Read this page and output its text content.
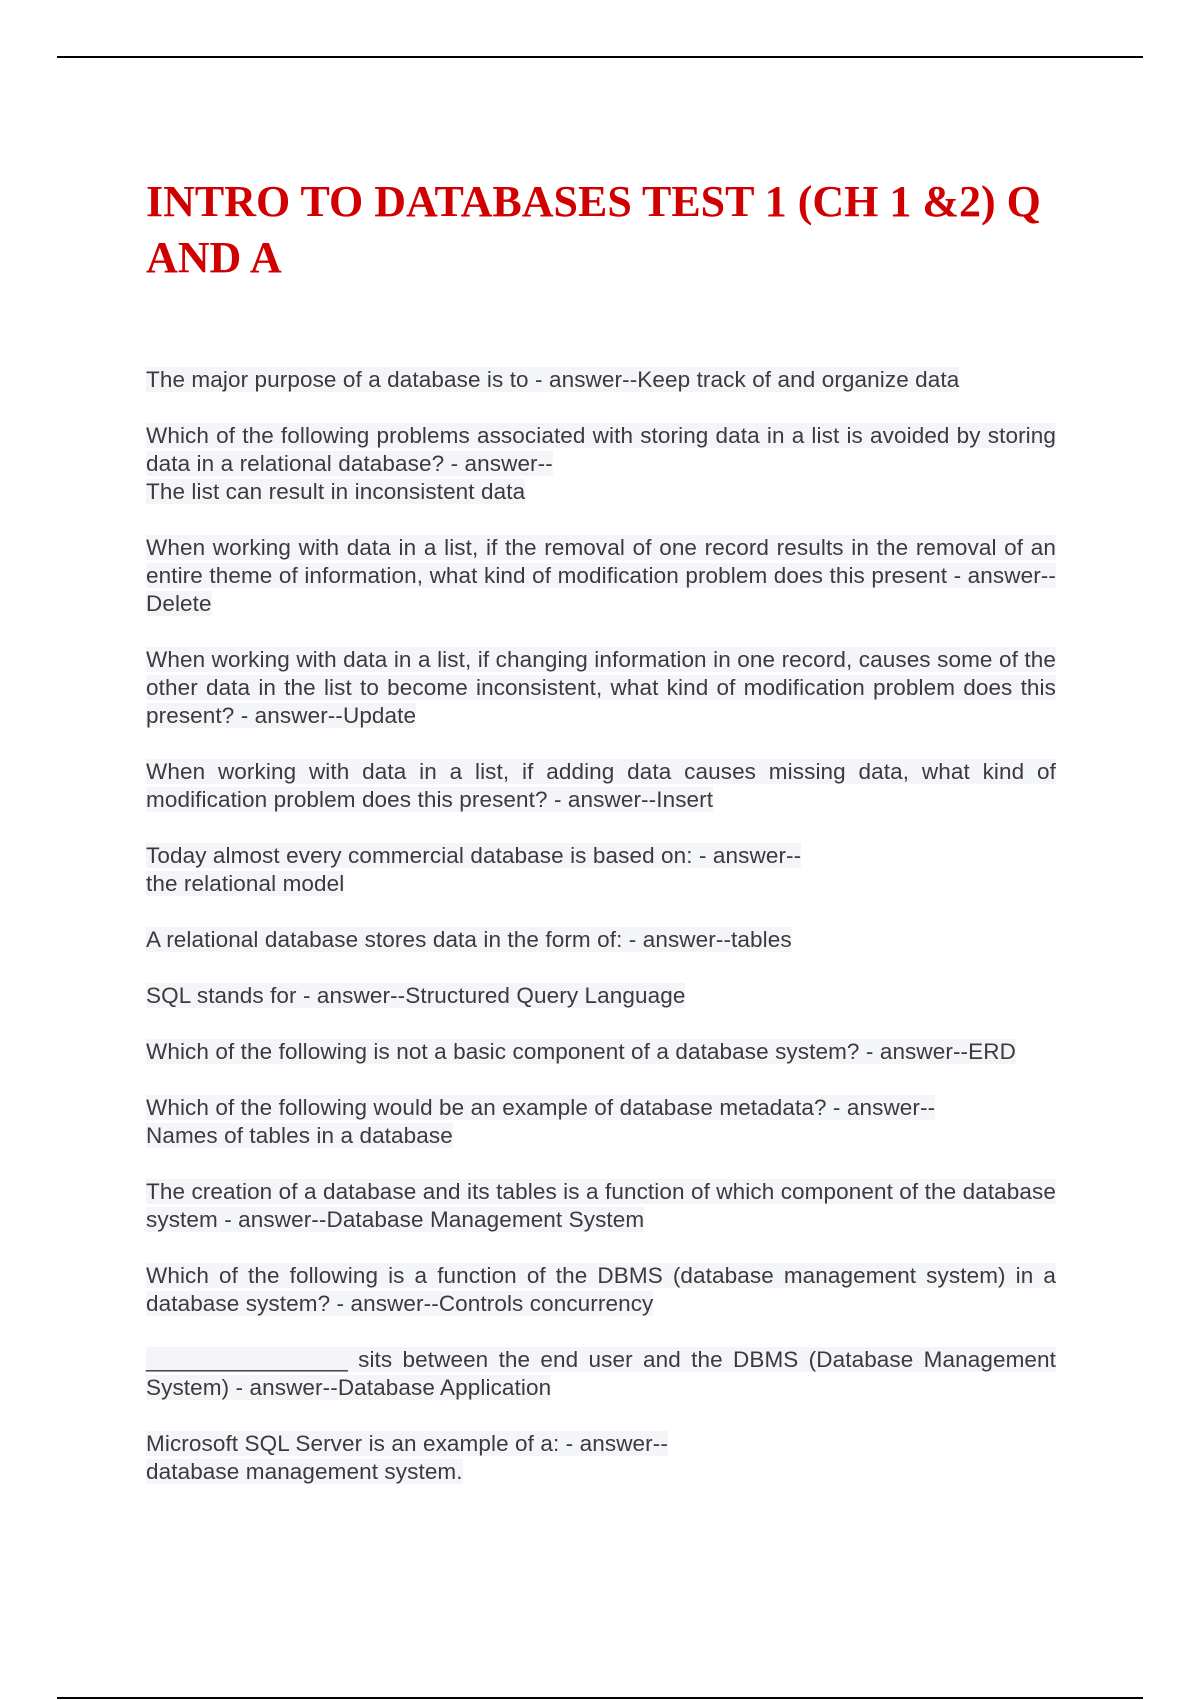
INTRO TO DATABASES TEST 1 (CH 1 &2) Q AND A
The major purpose of a database is to - answer--Keep track of and organize data
Which of the following problems associated with storing data in a list is avoided by storing data in a relational database? - answer--
The list can result in inconsistent data
When working with data in a list, if the removal of one record results in the removal of an entire theme of information, what kind of modification problem does this present - answer--Delete
When working with data in a list, if changing information in one record, causes some of the other data in the list to become inconsistent, what kind of modification problem does this present? - answer--Update
When working with data in a list, if adding data causes missing data, what kind of modification problem does this present? - answer--Insert
Today almost every commercial database is based on: - answer--
the relational model
A relational database stores data in the form of: - answer--tables
SQL stands for - answer--Structured Query Language
Which of the following is not a basic component of a database system? - answer--ERD
Which of the following would be an example of database metadata? - answer--
Names of tables in a database
The creation of a database and its tables is a function of which component of the database system - answer--Database Management System
Which of the following is a function of the DBMS (database management system) in a database system? - answer--Controls concurrency
________________ sits between the end user and the DBMS (Database Management System) - answer--Database Application
Microsoft SQL Server is an example of a: - answer--
database management system.
